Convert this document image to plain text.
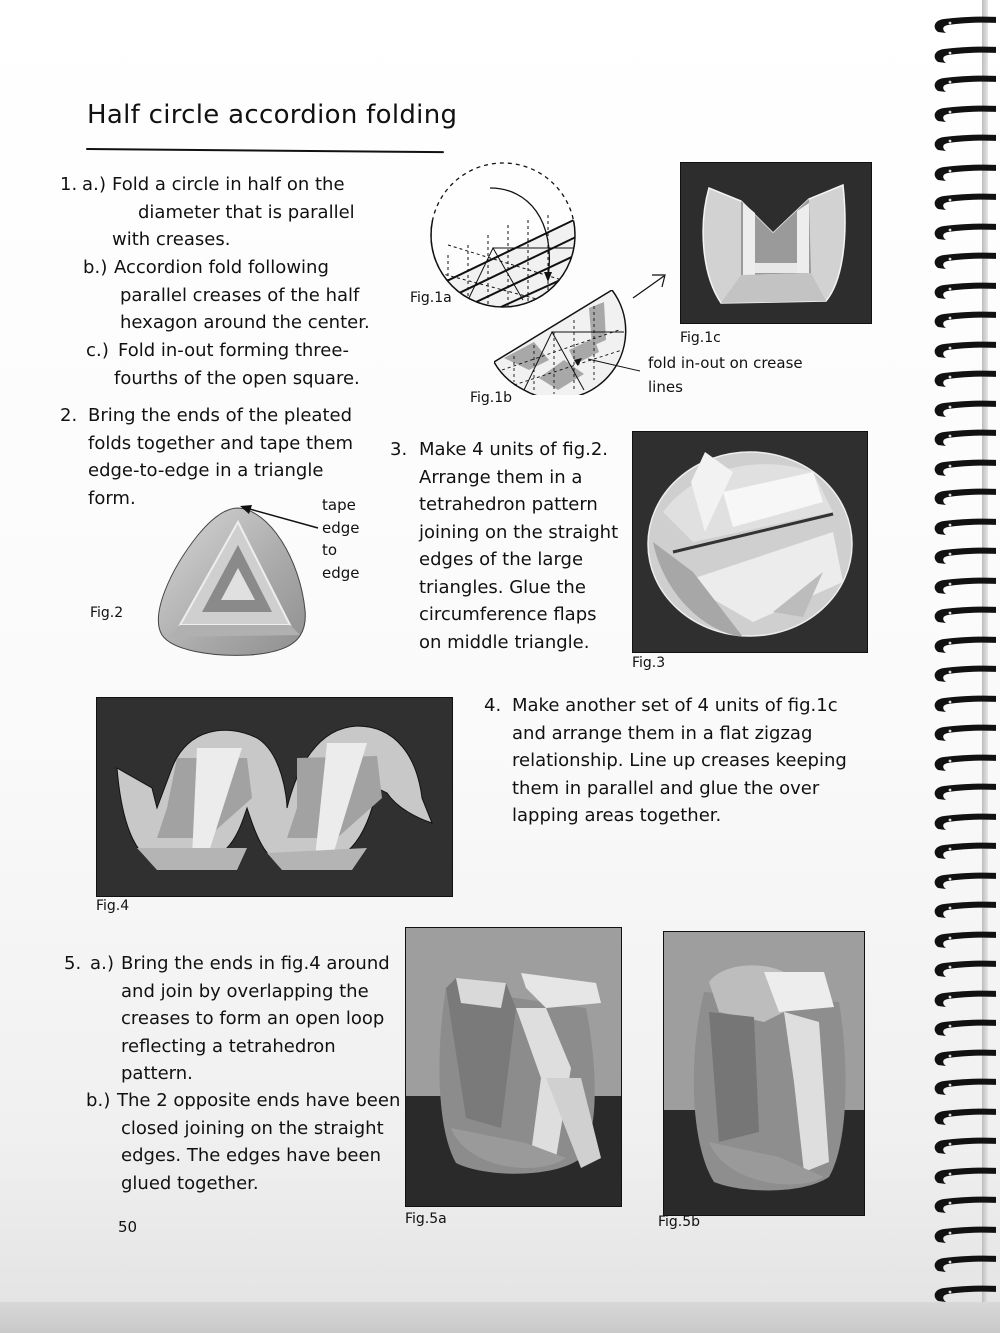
Half circle accordion folding
1. a.) Fold a circle in half on the
diameter that is parallel
with creases.
b.) Accordion fold following
parallel creases of the half
hexagon around the center.
c.) Fold in-out forming three-
fourths of the open square.
2. Bring the ends of the pleated
folds together and tape them
edge-to-edge in a triangle
form.	tape
edge
to
edge
Fig.2
Fig.1a
Fig.1b
Fig.1c
fold in-out on crease
lines
3. Make 4 units of fig.2.
Arrange them in a
tetrahedron pattern
joining on the straight
edges of the large
triangles. Glue the
circumference flaps
on middle triangle.
Fig.3
Fig.4
4. Make another set of 4 units of fig.1c
and arrange them in a flat zigzag
relationship. Line up creases keeping
them in parallel and glue the over
lapping areas together.
5. a.) Bring the ends in fig.4 around
and join by overlapping the
creases to form an open loop
reflecting a tetrahedron
pattern.
b.) The 2 opposite ends have been
closed joining on the straight
edges. The edges have been
glued together.
Fig.5a	Fig.5b
50
